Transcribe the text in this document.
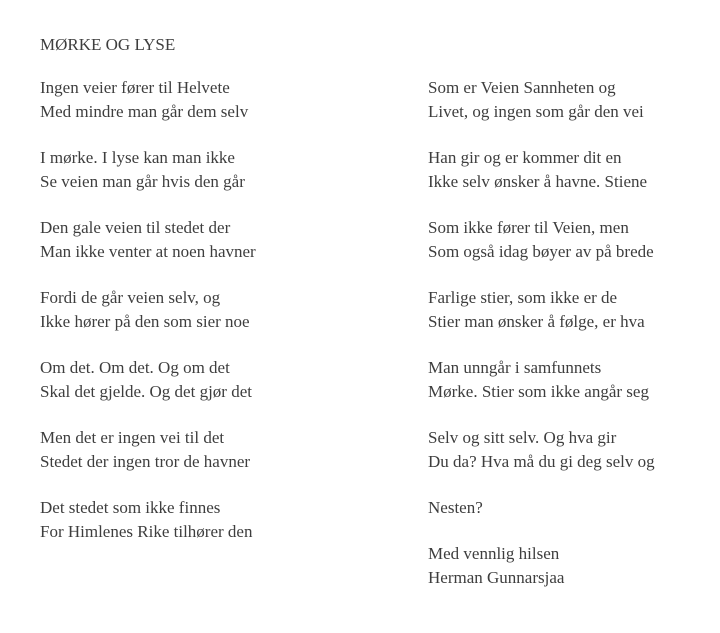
MØRKE OG LYSE
Ingen veier fører til Helvete
Med mindre man går dem selv
I mørke. I lyse kan man ikke
Se veien man går hvis den går
Den gale veien til stedet der
Man ikke venter at noen havner
Fordi de går veien selv, og
Ikke hører på den som sier noe
Om det. Om det. Og om det
Skal det gjelde. Og det gjør det
Men det er ingen vei til det
Stedet der ingen tror de havner
Det stedet som ikke finnes
For Himlenes Rike tilhører den
Som er Veien Sannheten og
Livet, og ingen som går den vei
Han gir og er kommer dit en
Ikke selv ønsker å havne. Stiene
Som ikke fører til Veien, men
Som også idag bøyer av på brede
Farlige stier, som ikke er de
Stier man ønsker å følge, er hva
Man unngår i samfunnets
Mørke. Stier som ikke angår seg
Selv og sitt selv. Og hva gir
Du da? Hva må du gi deg selv og
Nesten?
Med vennlig hilsen
Herman Gunnarsjaa
